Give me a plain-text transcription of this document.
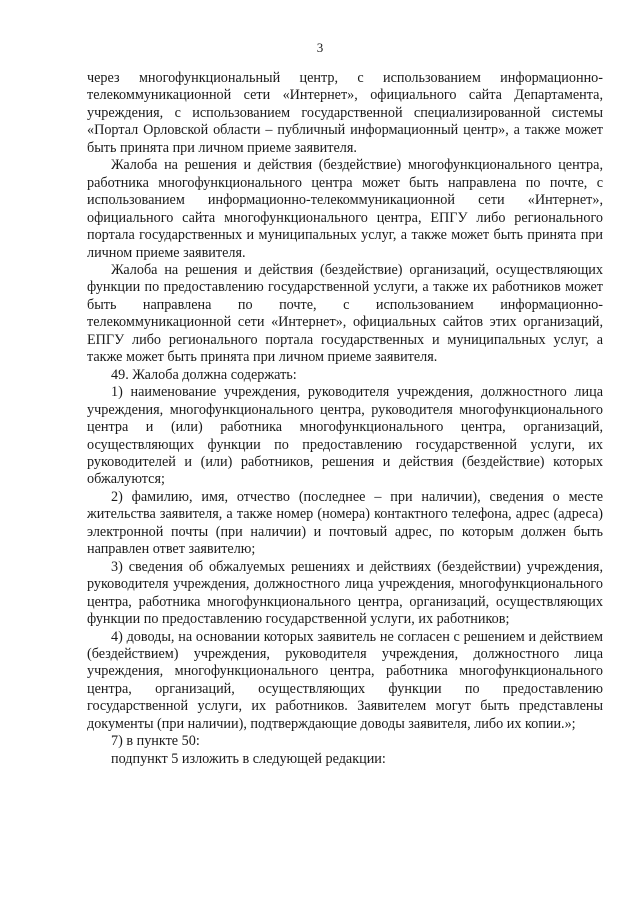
3

через многофункциональный центр, с использованием информационно-телекоммуникационной сети «Интернет», официального сайта Департамента, учреждения, с использованием государственной специализированной системы «Портал Орловской области – публичный информационный центр», а также может быть принята при личном приеме заявителя.

Жалоба на решения и действия (бездействие) многофункционального центра, работника многофункционального центра может быть направлена по почте, с использованием информационно-телекоммуникационной сети «Интернет», официального сайта многофункционального центра, ЕПГУ либо регионального портала государственных и муниципальных услуг, а также может быть принята при личном приеме заявителя.

Жалоба на решения и действия (бездействие) организаций, осуществляющих функции по предоставлению государственной услуги, а также их работников может быть направлена по почте, с использованием информационно-телекоммуникационной сети «Интернет», официальных сайтов этих организаций, ЕПГУ либо регионального портала государственных и муниципальных услуг, а также может быть принята при личном приеме заявителя.

49. Жалоба должна содержать:

1) наименование учреждения, руководителя учреждения, должностного лица учреждения, многофункционального центра, руководителя многофункционального центра и (или) работника многофункционального центра, организаций, осуществляющих функции по предоставлению государственной услуги, их руководителей и (или) работников, решения и действия (бездействие) которых обжалуются;

2) фамилию, имя, отчество (последнее – при наличии), сведения о месте жительства заявителя, а также номер (номера) контактного телефона, адрес (адреса) электронной почты (при наличии) и почтовый адрес, по которым должен быть направлен ответ заявителю;

3) сведения об обжалуемых решениях и действиях (бездействии) учреждения, руководителя учреждения, должностного лица учреждения, многофункционального центра, работника многофункционального центра, организаций, осуществляющих функции по предоставлению государственной услуги, их работников;

4) доводы, на основании которых заявитель не согласен с решением и действием (бездействием) учреждения, руководителя учреждения, должностного лица учреждения, многофункционального центра, работника многофункционального центра, организаций, осуществляющих функции по предоставлению государственной услуги, их работников. Заявителем могут быть представлены документы (при наличии), подтверждающие доводы заявителя, либо их копии.»;

7) в пункте 50:

подпункт 5 изложить в следующей редакции:
